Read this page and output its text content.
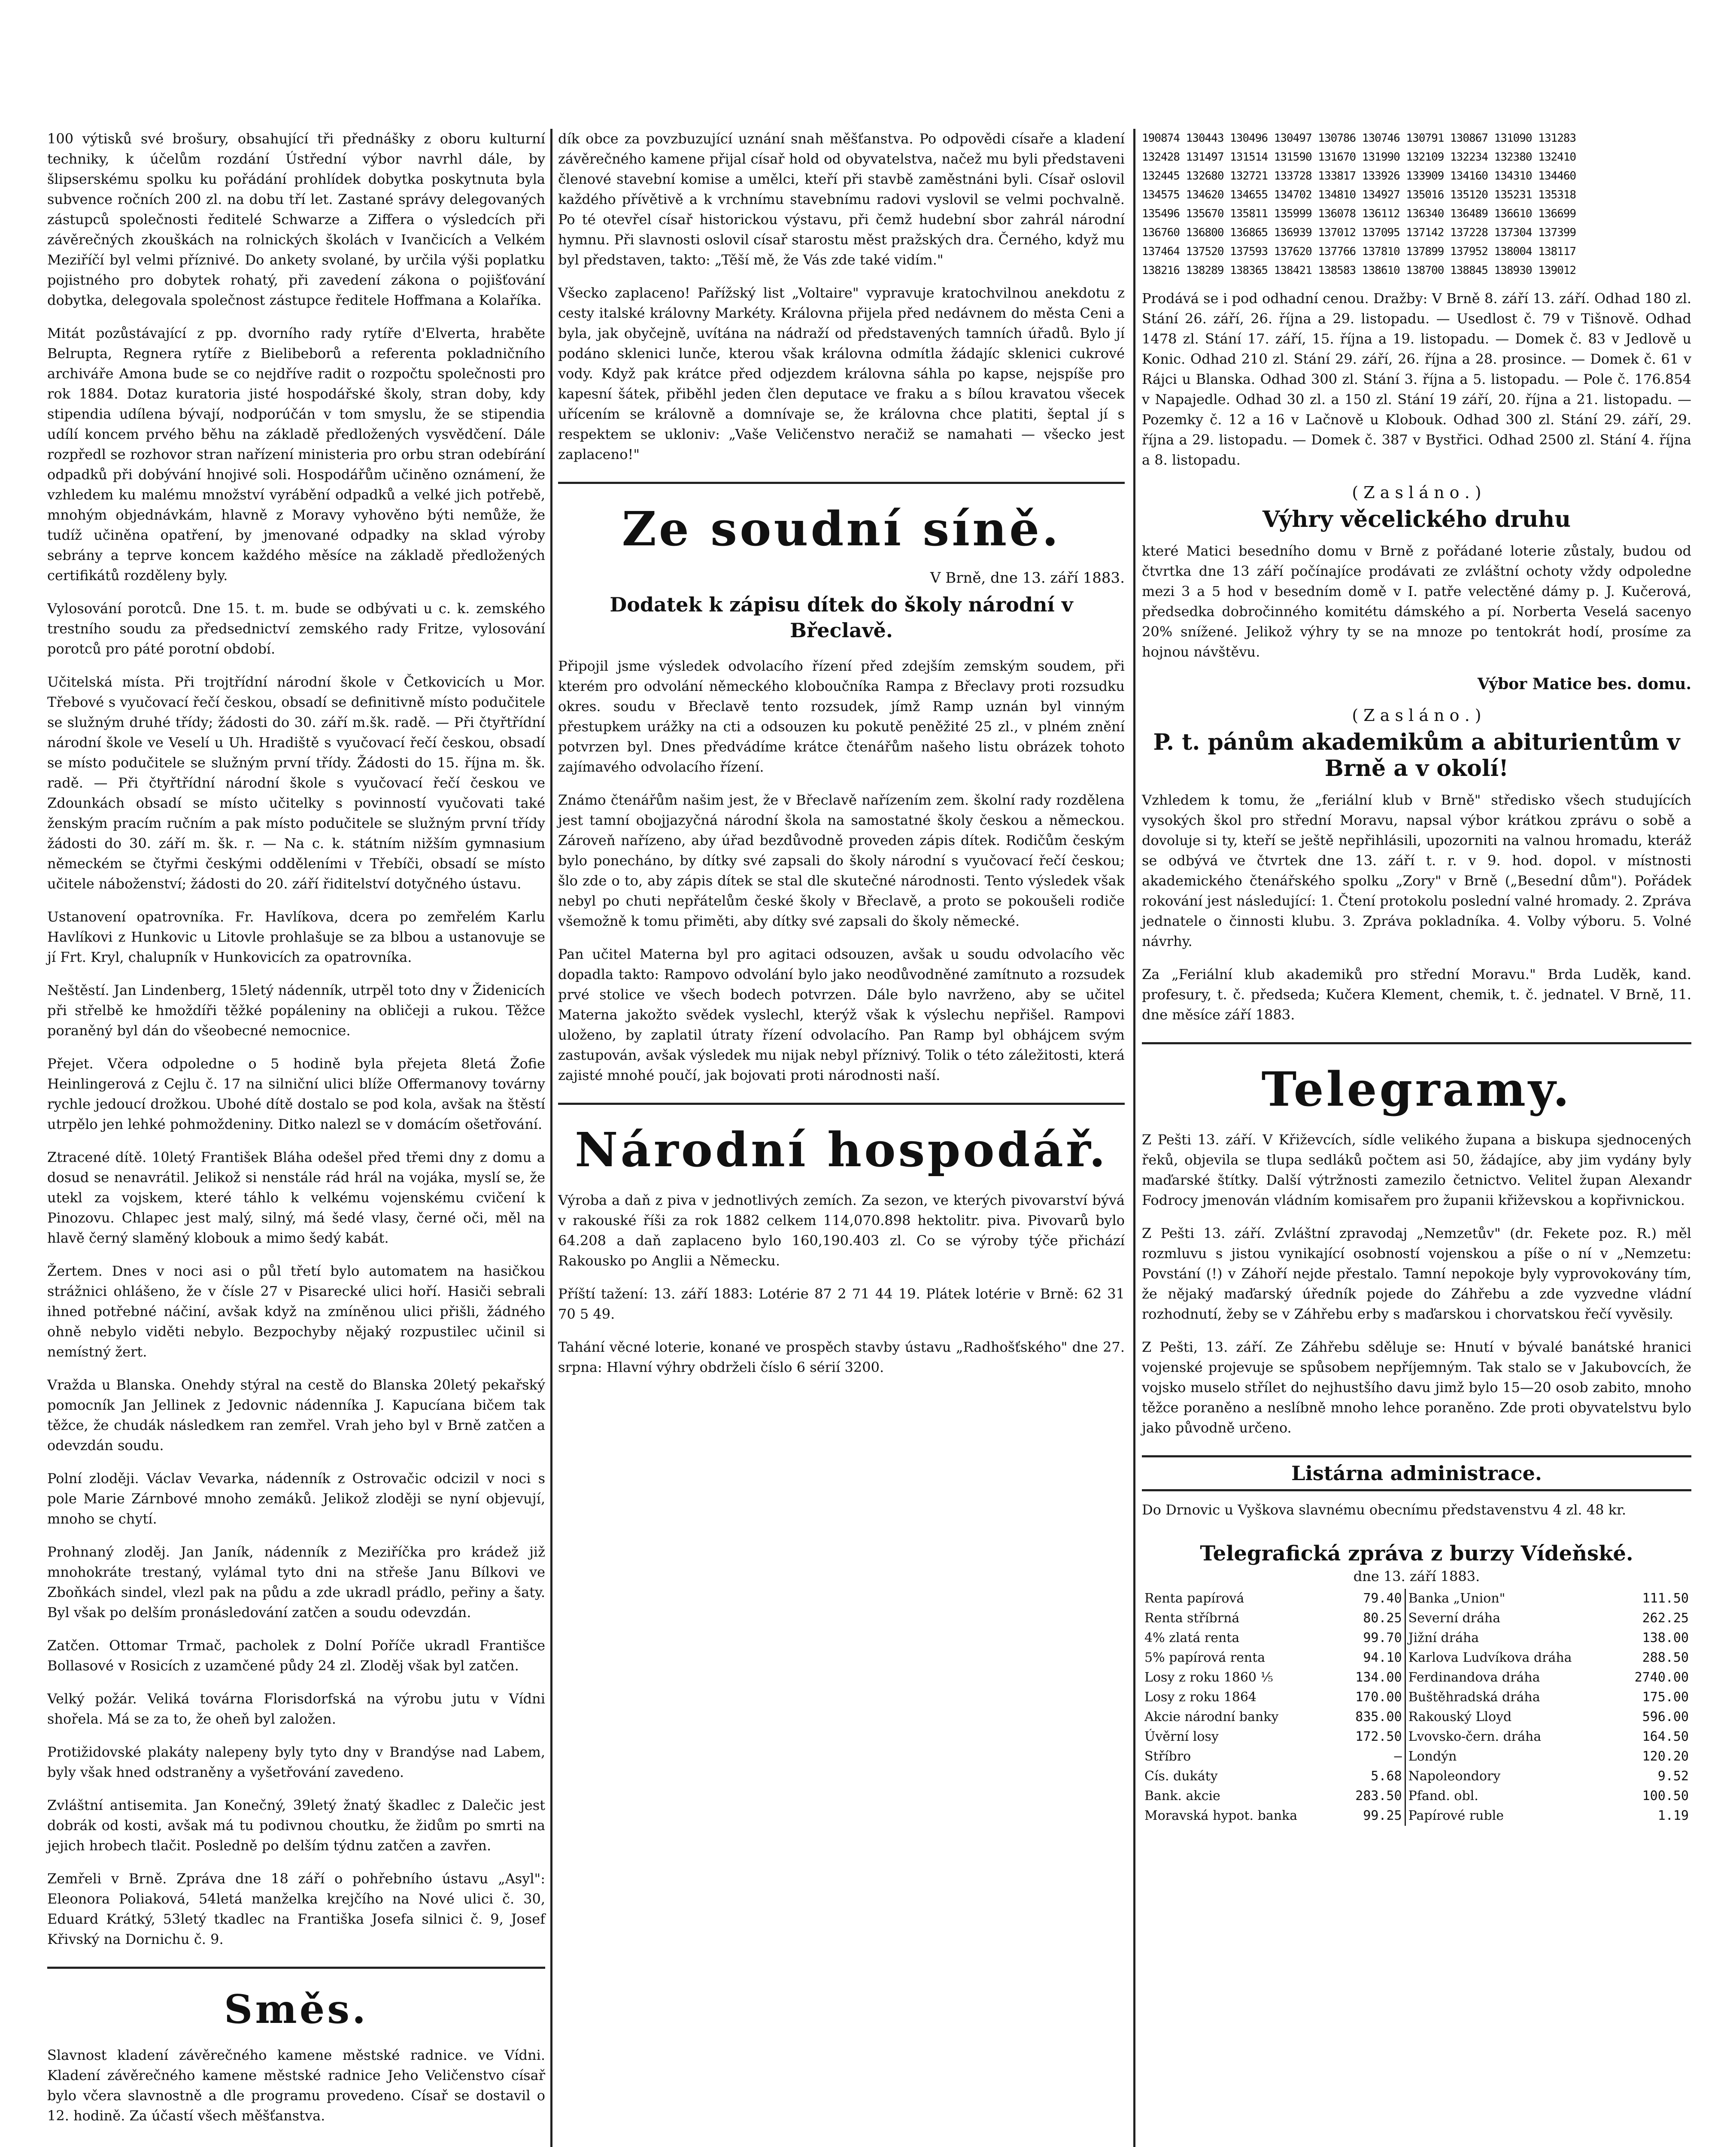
100 výtisků své brošury, obsahující tři přednášky z oboru kulturní techniky, k účelům rozdání Ústřední výbor navrhl dále, by šlipserskému spolku ku pořádání prohlídek dobytka poskytnuta byla subvence ročních 200 zl. na dobu tří let. Zastané správy delegovaných zástupců společnosti ředitelé Schwarze a Ziffera o výsledcích při závěrečných zkouškách na rolnických školách v Ivančicích a Velkém Meziříčí byl velmi příznivé. Do ankety svolané, by určila výši poplatku pojistného pro dobytek rohatý, při zavedení zákona o pojišťování dobytka, delegovala společnost zástupce ředitele Hoffmana a Kolaříka.

Mitát pozůstávající z pp. dvorního rady rytíře d'Elverta, hraběte Belrupta, Regnera rytíře z Bielibeborů a referenta pokladničního archiváře Amona bude se co nejdříve radit o rozpočtu společnosti pro rok 1884. Dotaz kuratoria jisté hospodářské školy, stran doby, kdy stipendia udílena bývají, nodporúčán v tom smyslu, že se stipendia udílí koncem prvého běhu na základě předložených vysvědčení. Dále rozpředl se rozhovor stran nařízení ministeria pro orbu stran odebírání odpadků při dobývání hnojivé soli. Hospodářům učiněno oznámení, že vzhledem ku malému množství vyrábění odpadků a velké jich potřebě, mnohým objednávkám, hlavně z Moravy vyhověno býti nemůže, že tudíž učiněna opatření, by jmenované odpadky na sklad výroby sebrány a teprve koncem každého měsíce na základě předložených certifikátů rozděleny byly.

Vylosování porotců. Dne 15. t. m. bude se odbývati u c. k. zemského trestního soudu za předsednictví zemského rady Fritze, vylosování porotců pro páté porotní období.

Učitelská místa. Při trojtřídní národní škole v Četkovicích u Mor. Třebové s vyučovací řečí českou, obsadí se definitivně místo podučitele se služným druhé třídy; žádosti do 30. září m.šk. radě. — Při čtyřtřídní národní škole ve Veselí u Uh. Hradiště s vyučovací řečí českou, obsadí se místo podučitele se služným první třídy. Žádosti do 15. října m. šk. radě. — Při čtyřtřídní národní škole s vyučovací řečí českou ve Zdounkách obsadí se místo učitelky s povinností vyučovati také ženským pracím ručním a pak místo podučitele se služným první třídy žádosti do 30. září m. šk. r. — Na c. k. státním nižším gymnasium německém se čtyřmi českými odděleními v Třebíči, obsadí se místo učitele náboženství; žádosti do 20. září řiditelství dotyčného ústavu.

Ustanovení opatrovníka. Fr. Havlíkova, dcera po zemřelém Karlu Havlíkovi z Hunkovic u Litovle prohlašuje se za blbou a ustanovuje se jí Frt. Kryl, chalupník v Hunkovicích za opatrovníka.

Neštěstí. Jan Lindenberg, 15letý nádenník, utrpěl toto dny v Židenicích při střelbě ke hmoždíři těžké popáleniny na obličeji a rukou. Těžce poraněný byl dán do všeobecné nemocnice.

Přejet. Včera odpoledne o 5 hodině byla přejeta 8letá Žofie Heinlingerová z Cejlu č. 17 na silniční ulici blíže Offermanovy továrny rychle jedoucí drožkou. Ubohé dítě dostalo se pod kola, avšak na štěstí utrpělo jen lehké pohmoždeniny. Ditko nalezl se v domácím ošetřování.

Ztracené dítě. 10letý František Bláha odešel před třemi dny z domu a dosud se nenavrátil. Jelikož si nenstále rád hrál na vojáka, myslí se, že utekl za vojskem, které táhlo k velkému vojenskému cvičení k Pinozovu. Chlapec jest malý, silný, má šedé vlasy, černé oči, měl na hlavě černý slaměný klobouk a mimo šedý kabát.

Žertem. Dnes v noci asi o půl třetí bylo automatem na hasičkou strážnici ohlášeno, že v čísle 27 v Pisarecké ulici hoří. Hasiči sebrali ihned potřebné náčiní, avšak když na zmíněnou ulici přišli, žádného ohně nebylo viděti nebylo. Bezpochyby nějaký rozpustilec učinil si nemístný žert.

Vražda u Blanska. Onehdy stýral na cestě do Blanska 20letý pekařský pomocník Jan Jellinek z Jedovnic nádenníka J. Kapucíana bičem tak těžce, že chudák následkem ran zemřel. Vrah jeho byl v Brně zatčen a odevzdán soudu.

Polní zloději. Václav Vevarka, nádenník z Ostrovačic odcizil v noci s pole Marie Zárnbové mnoho zemáků. Jelikož zloději se nyní objevují, mnoho se chytí.

Prohnaný zloděj. Jan Janík, nádenník z Meziříčka pro krádež již mnohokráte trestaný, vylámal tyto dni na střeše Janu Bílkovi ve Zboňkách sindel, vlezl pak na půdu a zde ukradl prádlo, peřiny a šaty. Byl však po delším pronásledování zatčen a soudu odevzdán.

Zatčen. Ottomar Trmač, pacholek z Dolní Poříče ukradl Františce Bollasové v Rosicích z uzamčené půdy 24 zl. Zloděj však byl zatčen.

Velký požár. Veliká továrna Florisdorfská na výrobu jutu v Vídni shořela. Má se za to, že oheň byl založen.

Protižidovské plakáty nalepeny byly tyto dny v Brandýse nad Labem, byly však hned odstraněny a vyšetřování zavedeno.

Zvláštní antisemita. Jan Konečný, 39letý žnatý škadlec z Dalečic jest dobrák od kosti, avšak má tu podivnou choutku, že židům po smrti na jejich hrobech tlačit. Posledně po delším týdnu zatčen a zavřen.

Zemřeli v Brně. Zpráva dne 18 září o pohřebního ústavu „Asyl": Eleonora Poliaková, 54letá manželka krejčího na Nové ulici č. 30, Eduard Krátký, 53letý tkadlec na Františka Josefa silnici č. 9, Josef Křivský na Dornichu č. 9.

Směs.

Slavnost kladení závěrečného kamene městské radnice. ve Vídni. Kladení závěrečného kamene městské radnice Jeho Veličenstvo císař bylo včera slavnostně a dle programu provedeno. Císař se dostavil o 12. hodině. Za účastí všech měšťanstva.

dík obce za povzbuzující uznání snah měšťanstva. Po odpovědi císaře a kladení závěrečného kamene přijal císař hold od obyvatelstva, načež mu byli představeni členové stavební komise a umělci, kteří při stavbě zaměstnáni byli. Císař oslovil každého přívětivě a k vrchnímu stavebnímu radovi vyslovil se velmi pochvalně. Po té otevřel císař historickou výstavu, při čemž hudební sbor zahrál národní hymnu. Při slavnosti oslovil císař starostu měst pražských dra. Černého, když mu byl představen, takto: „Těší mě, že Vás zde také vidím."

Všecko zaplaceno! Pařížský list „Voltaire" vypravuje kratochvilnou anekdotu z cesty italské královny Markéty. Královna přijela před nedávnem do města Ceni a byla, jak obyčejně, uvítána na nádraží od představených tamních úřadů. Bylo jí podáno sklenici lunče, kterou však královna odmítla žádajíc sklenici cukrové vody. Když pak krátce před odjezdem královna sáhla po kapse, nejspíše pro kapesní šátek, přiběhl jeden člen deputace ve fraku a s bílou kravatou všecek uřícením se královně a domnívaje se, že královna chce platiti, šeptal jí s respektem se ukloniv: „Vaše Veličenstvo neračiž se namahati — všecko jest zaplaceno!"

Ze soudní síně.
V Brně, dne 13. září 1883.
Dodatek k zápisu dítek do školy národní v Břeclavě.

Připojil jsme výsledek odvolacího řízení před zdejším zemským soudem, při kterém pro odvolání německého kloboučníka Rampa z Břeclavy proti rozsudku okres. soudu v Břeclavě tento rozsudek, jímž Ramp uznán byl vinným přestupkem urážky na cti a odsouzen ku pokutě peněžité 25 zl., v plném znění potvrzen byl. Dnes předvádíme krátce čtenářům našeho listu obrázek tohoto zajímavého odvolacího řízení.

Známo čtenářům našim jest, že v Břeclavě nařízením zem. školní rady rozdělena jest tamní obojjazyčná národní škola na samostatné školy českou a německou. Zároveň nařízeno, aby úřad bezdůvodně proveden zápis dítek. Rodičům českým bylo ponecháno, by dítky své zapsali do školy národní s vyučovací řečí českou; šlo zde o to, aby zápis dítek se stal dle skutečné národnosti. Tento výsledek však nebyl po chuti nepřátelům české školy v Břeclavě, a proto se pokoušeli rodiče všemožně k tomu přiměti, aby dítky své zapsali do školy německé.

Pan učitel Materna byl pro agitaci odsouzen, avšak u soudu odvolacího věc dopadla takto: Rampovo odvolání bylo jako neodůvodněné zamítnuto a rozsudek prvé stolice ve všech bodech potvrzen. Dále bylo navrženo, aby se učitel Materna jakožto svědek vyslechl, kterýž však k výslechu nepřišel. Rampovi uloženo, by zaplatil útraty řízení odvolacího. Pan Ramp byl obhájcem svým zastupován, avšak výsledek mu nijak nebyl příznivý. Tolik o této záležitosti, která zajisté mnohé poučí, jak bojovati proti národnosti naší.

Národní hospodář.

Výroba a daň z piva v jednotlivých zemích. Za sezon, ve kterých pivovarství bývá v rakouské říši za rok 1882 celkem 114,070.898 hektolitr. piva. Pivovarů bylo 64.208 a daň zaplaceno bylo 160,190.403 zl. Co se výroby týče přichází Rakousko po Anglii a Německu.

Příští tažení: 13. září 1883: Lotérie 87 2 71 44 19. Plátek lotérie v Brně: 62 31 70 5 49.

Tahání věcné loterie, konané ve prospěch stavby ústavu „Radhošťského" dne 27. srpna: Hlavní výhry obdrželi číslo 6 sérií 3200.

190874 130443 130496 130497 130786 130746 130791 130867 131090 131283
132428 131497 131514 131590 131670 131990 132109 132234 132380 132410
132445 132680 132721 133728 133817 133926 133909 134160 134310 134460
134575 134620 134655 134702 134810 134927 135016 135120 135231 135318
135496 135670 135811 135999 136078 136112 136340 136489 136610 136699
136760 136800 136865 136939 137012 137095 137142 137228 137304 137399
137464 137520 137593 137620 137766 137810 137899 137952 138004 138117
138216 138289 138365 138421 138583 138610 138700 138845 138930 139012

Prodává se i pod odhadní cenou. Dražby: V Brně 8. září 13. září. Odhad 180 zl. Stání 26. září, 26. října a 29. listopadu. — Usedlost č. 79 v Tišnově. Odhad 1478 zl. Stání 17. září, 15. října a 19. listopadu. — Domek č. 83 v Jedlově u Konic. Odhad 210 zl. Stání 29. září, 26. října a 28. prosince. — Domek č. 61 v Rájci u Blanska. Odhad 300 zl. Stání 3. října a 5. listopadu. — Pole č. 176.854 v Napajedle. Odhad 30 zl. a 150 zl. Stání 19 září, 20. října a 21. listopadu. — Pozemky č. 12 a 16 v Lačnově u Klobouk. Odhad 300 zl. Stání 29. září, 29. října a 29. listopadu. — Domek č. 387 v Bystřici. Odhad 2500 zl. Stání 4. října a 8. listopadu.

( Z a s l á n o . )
Výhry věcelického druhu

které Matici besedního domu v Brně z pořádané loterie zůstaly, budou od čtvrtka dne 13 září počínajíce prodávati ze zvláštní ochoty vždy odpoledne mezi 3 a 5 hod v besedním domě v I. patře velectěné dámy p. J. Kučerová, předsedka dobročinného komitétu dámského a pí. Norberta Veselá sacenyo 20% snížené. Jelikož výhry ty se na mnoze po tentokrát hodí, prosíme za hojnou návštěvu.

Výbor Matice bes. domu.
( Z a s l á n o . )
P. t. pánům akademikům a abiturientům v Brně a v okolí!

Vzhledem k tomu, že „feriální klub v Brně" středisko všech studujících vysokých škol pro střední Moravu, napsal výbor krátkou zprávu o sobě a dovoluje si ty, kteří se ještě nepřihlásili, upozorniti na valnou hromadu, kteráž se odbývá ve čtvrtek dne 13. září t. r. v 9. hod. dopol. v místnosti akademického čtenářského spolku „Zory" v Brně („Besední dům"). Pořádek rokování jest následující: 1. Čtení protokolu poslední valné hromady. 2. Zpráva jednatele o činnosti klubu. 3. Zpráva pokladníka. 4. Volby výboru. 5. Volné návrhy.

Za „Feriální klub akademiků pro střední Moravu." Brda Luděk, kand. profesury, t. č. předseda; Kučera Klement, chemik, t. č. jednatel. V Brně, 11. dne měsíce září 1883.

Telegramy.

Z Pešti 13. září. V Křiževcích, sídle velikého župana a biskupa sjednocených řeků, objevila se tlupa sedláků počtem asi 50, žádajíce, aby jim vydány byly maďarské štítky. Další výtržnosti zamezilo četnictvo. Velitel župan Alexandr Fodrocy jmenován vládním komisařem pro županii křiževskou a kopřivnickou.

Z Pešti 13. září. Zvláštní zpravodaj „Nemzetův" (dr. Fekete poz. R.) měl rozmluvu s jistou vynikající osobností vojenskou a píše o ní v „Nemzetu: Povstání (!) v Záhoří nejde přestalo. Tamní nepokoje byly vyprovokovány tím, že nějaký maďarský úředník pojede do Záhřebu a zde vyzvedne vládní rozhodnutí, žeby se v Záhřebu erby s maďarskou i chorvatskou řečí vyvěsily.

Z Pešti, 13. září. Ze Záhřebu sděluje se: Hnutí v bývalé banátské hranici vojenské projevuje se spůsobem nepříjemným. Tak stalo se v Jakubovcích, že vojsko muselo střílet do nejhustšího davu jimž bylo 15—20 osob zabito, mnoho těžce poraněno a neslíbně mnoho lehce poraněno. Zde proti obyvatelstvu bylo jako původně určeno.

Listárna administrace.

Do Drnovic u Vyškova slavnému obecnímu představenstvu 4 zl. 48 kr.

Telegrafická zpráva z burzy Vídeňské.
dne 13. září 1883.
Renta papírová	79.40	Banka „Union"	111.50
Renta stříbrná	80.25	Severní dráha	262.25
4% zlatá renta	99.70	Jižní dráha	138.00
5% papírová renta	94.10	Karlova Ludvíkova dráha	288.50
Losy z roku 1860 ⅕	134.00	Ferdinandova dráha	2740.00
Losy z roku 1864	170.00	Buštěhradská dráha	175.00
Akcie národní banky	835.00	Rakouský Lloyd	596.00
Úvěrní losy	172.50	Lvovsko-čern. dráha	164.50
Stříbro	—	Londýn	120.20
Cís. dukáty	5.68	Napoleondory	9.52
Bank. akcie	283.50	Pfand. obl.	100.50
Moravská hypot. banka	99.25	Papírové ruble	1.19
